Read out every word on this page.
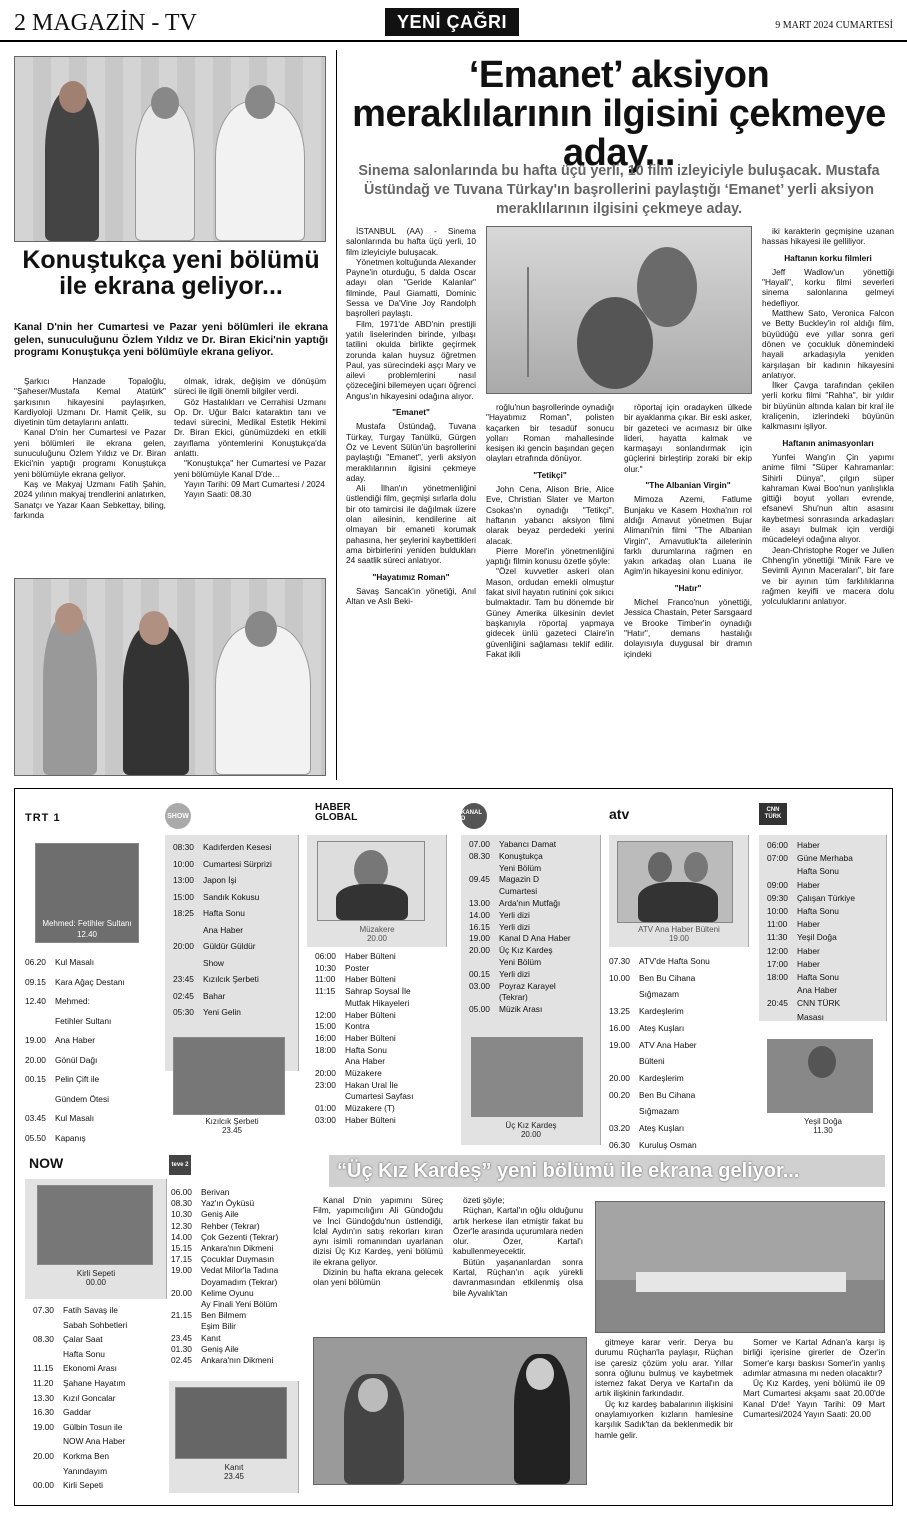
2 MAGAZİN - TV	YENİ ÇAĞRI	9 MART 2024 CUMARTESİ
Konuştukça yeni bölümü ile ekrana geliyor...
Kanal D'nin her Cumartesi ve Pazar yeni bölümleri ile ekrana gelen, sunuculuğunu Özlem Yıldız ve Dr. Biran Ekici'nin yaptığı programı Konuştukça yeni bölümüyle ekrana geliyor.

Şarkıcı Hanzade Topaloğlu, "Şaheser/Mustafa Kemal Atatürk" şarkısının hikayesini paylaşırken, Kardiyoloji Uzmanı Dr. Hamit Çelik, su diyetinin tüm detaylarını anlattı.

Kanal D'nin her Cumartesi ve Pazar yeni bölümleri ile ekrana gelen, sunuculuğunu Özlem Yıldız ve Dr. Biran Ekici'nin yaptığı programı Konuştukça yeni bölümüyle ekrana geliyor.

Kaş ve Makyaj Uzmanı Fatih Şahin, 2024 yılının makyaj trendlerini anlatırken, Sanatçı ve Yazar Kaan Sebkettay, biling, farkında

olmak, idrak, değişim ve dönüşüm süreci ile ilgili önemli bilgiler verdi.

Göz Hastalıkları ve Cerrahisi Uzmanı Op. Dr. Uğur Balcı kataraktın tanı ve tedavi sürecini, Medikal Estetik Hekimi Dr. Biran Ekici, günümüzdeki en etkili zayıflama yöntemlerini Konuştukça'da anlattı.

"Konuştukça" her Cumartesi ve Pazar yeni bölümüyle Kanal D'de…

Yayın Tarihi: 09 Mart Cumartesi / 2024

Yayın Saati: 08.30

‘Emanet’ aksiyon meraklılarının ilgisini çekmeye aday...
Sinema salonlarında bu hafta üçü yerli, 10 film izleyiciyle buluşacak. Mustafa Üstündağ ve Tuvana Türkay'ın başrollerini paylaştığı ‘Emanet’ yerli aksiyon meraklılarının ilgisini çekmeye aday.

İSTANBUL (AA) - Sinema salonlarında bu hafta üçü yerli, 10 film izleyiciyle buluşacak.

Yönetmen koltuğunda Alexander Payne'in oturduğu, 5 dalda Oscar adayı olan "Geride Kalanlar" filminde, Paul Giamatti, Dominic Sessa ve Da'Vine Joy Randolph başrolleri paylaştı.

Film, 1971'de ABD'nin prestijli yatılı liselerinden birinde, yılbaşı tatilini okulda birlikte geçirmek zorunda kalan huysuz öğretmen Paul, yas sürecindeki aşçı Mary ve ailevi problemlerini nasıl çözeceğini bilemeyen uçarı öğrenci Angus'ın hikayesini odağına alıyor.

"Emanet"

Mustafa Üstündağ, Tuvana Türkay, Turgay Tanülkü, Gürgen Öz ve Levent Sülün'ün başrollerini paylaştığı "Emanet", yerli aksiyon meraklılarının ilgisini çekmeye aday.

Ali İlhan'ın yönetmenliğini üstlendiği film, geçmişi sırlarla dolu bir oto tamircisi ile dağılmak üzere olan ailesinin, kendilerine ait olmayan bir emaneti korumak pahasına, her şeylerini kaybettikleri ama birbirlerini yeniden buldukları 24 saatlik süreci anlatıyor.

"Hayatımız Roman"

Savaş Sancak'ın yönetiği, Anıl Altan ve Aslı Beki-

roğlu'nun başrollerinde oynadığı "Hayatımız Roman", polisten kaçarken bir tesadüf sonucu yolları Roman mahallesinde kesişen iki gencin başından geçen olayları etrafında dönüyor.

"Tetikçi"

John Cena, Alison Brie, Alice Eve, Christian Slater ve Marton Csokas'ın oynadığı "Tetikçi", haftanın yabancı aksiyon filmi olarak beyaz perdedeki yerini alacak.

Pierre Morel'in yönetmenliğini yaptığı filmin konusu özetle şöyle:

"Özel kuvvetler askeri olan Mason, ordudan emekli olmuştur fakat sivil hayatın rutinini çok sıkıcı bulmaktadır. Tam bu dönemde bir Güney Amerika ülkesinin devlet başkanıyla röportaj yapmaya gidecek ünlü gazeteci Claire'in güvenliğini sağlaması teklif edilir. Fakat ikili

röportaj için oradayken ülkede bir ayaklanma çıkar. Bir eski asker, bir gazeteci ve acımasız bir ülke lideri, hayatta kalmak ve karmaşayı sonlandırmak için güçlerini birleştirip zoraki bir ekip olur."

"The Albanian Virgin"

Mimoza Azemi, Fatlume Bunjaku ve Kasem Hoxha'nın rol aldığı Arnavut yönetmen Bujar Alimani'nin filmi "The Albanian Virgin", Arnavutluk'ta ailelerinin farklı durumlarına rağmen en yakın arkadaş olan Luana ile Agim'in hikayesini konu ediniyor.

"Hatır"

Michel Franco'nun yönettiği, Jessica Chastain, Peter Sarsgaard ve Brooke Timber'in oynadığı "Hatır", demans hastalığı dolayısıyla duygusal bir dramın içindeki

iki karakterin geçmişine uzanan hassas hikayesi ile gelliliyor.

Haftanın korku filmleri

Jeff Wadlow'un yönettiği "Hayali", korku filmi severleri sinema salonlarına gelmeyi hedefliyor.

Matthew Sato, Veronica Falcon ve Betty Buckley'in rol aldığı film, büyüdüğü eve yıllar sonra geri dönen ve çocukluk dönemindeki hayali arkadaşıyla yeniden karşılaşan bir kadının hikayesini anlatıyor.

İlker Çavga tarafından çekilen yerli korku filmi "Rahha", bir yıldır bir büyünün altında kalan bir kral ile kraliçenin, izlerindeki büyünün kalkmasını işliyor.

Haftanın animasyonları

Yunfei Wang'ın Çin yapımı anime filmi "Süper Kahramanlar: Sihirli Dünya", çılgın süper kahraman Kwai Boo'nun yanlışlıkla gittiği boyut yolları evrende, efsanevi Shu'nun altın asasını kaybetmesi sonrasında arkadaşları ile asayı bulmak için verdiği mücadeleyi odağına alıyor.

Jean-Christophe Roger ve Julien Chheng'in yönettiği "Minik Fare ve Sevimli Ayının Maceraları", bir fare ve bir ayının tüm farklılıklarına rağmen keyifli ve macera dolu yolculuklarını anlatıyor.

TRT 1
Mehmed: Fetihler Sultanı
12.40
06.20	Kul Masalı
09.15	Kara Ağaç Destanı
12.40	Mehmed:
Fetihler Sultanı
19.00	Ana Haber
20.00	Gönül Dağı
00.15	Pelin Çift ile
Gündem Ötesi
03.45	Kul Masalı
05.50	Kapanış
SHOW
08:30	Kadıferden Kesesi
10:00	Cumartesi Sürprizi
13:00	Japon İşi
15:00	Sandık Kokusu
18:25	Hafta Sonu
Ana Haber
20:00	Güldür Güldür
Show
23:45	Kızılcık Şerbeti
02:45	Bahar
05:30	Yeni Gelin
Kızılcık Şerbeti
23.45
HABER
GLOBAL
Müzakere
20.00
06:00	Haber Bülteni
10:30	Poster
11:00	Haber Bülteni
11:15	Sahrap Soysal İle
Mutfak Hikayeleri
12:00	Haber Bülteni
15:00	Kontra
16:00	Haber Bülteni
18:00	Hafta Sonu
Ana Haber
20:00	Müzakere
23:00	Hakan Ural İle
Cumartesi Sayfası
01:00	Müzakere (T)
03:00	Haber Bülteni
KANAL D
07.00	Yabancı Damat
08.30	Konuştukça
Yeni Bölüm
09.45	Magazin D
Cumartesi
13.00	Arda'nın Mutfağı
14.00	Yerli dizi
16.15	Yerli dizi
19.00	Kanal D Ana Haber
20.00	Üç Kız Kardeş
Yeni Bölüm
00.15	Yerli dizi
03.00	Poyraz Karayel
(Tekrar)
05.00	Müzik Arası
Üç Kız Kardeş
20.00
atv
ATV Ana Haber Bülteni
19.00
07.30	ATV'de Hafta Sonu
10.00	Ben Bu Cihana
Sığmazam
13.25	Kardeşlerim
16.00	Ateş Kuşları
19.00	ATV Ana Haber
Bülteni
20.00	Kardeşlerim
00.20	Ben Bu Cihana
Sığmazam
03.20	Ateş Kuşları
06.30	Kuruluş Osman
CNN TÜRK
06:00	Haber
07:00	Güne Merhaba
Hafta Sonu
09:00	Haber
09:30	Çalışan Türkiye
10:00	Hafta Sonu
11:00	Haber
11:30	Yeşil Doğa
12:00	Haber
17:00	Haber
18:00	Hafta Sonu
Ana Haber
20:45	CNN TÜRK
Masası
Yeşil Doğa
11.30
NOW
Kirli Sepeti
00.00
07.30	Fatih Savaş ile
Sabah Sohbetleri
08.30	Çalar Saat
Hafta Sonu
11.15	Ekonomi Arası
11.20	Şahane Hayatım
13.30	Kızıl Goncalar
16.30	Gaddar
19.00	Gülbin Tosun ile
NOW Ana Haber
20.00	Korkma Ben
Yanındayım
00.00	Kirli Sepeti
teve 2
06.00	Berivan
08.30	Yaz'ın Öyküsü
10.30	Geniş Aile
12.30	Rehber (Tekrar)
14.00	Çok Gezenti (Tekrar)
15.15	Ankara'nın Dikmeni
17.15	Çocuklar Duymasın
19.00	Vedat Milor'la Tadına
Doyamadım (Tekrar)
20.00	Kelime Oyunu
Ay Finali Yeni Bölüm
21.15	Ben Bilmem
Eşim Bilir
23.45	Kanıt
01.30	Geniş Aile
02.45	Ankara'nın Dikmeni
Kanıt
23.45
“Üç Kız Kardeş” yeni bölümü ile ekrana geliyor...

Kanal D'nin yapımını Süreç Film, yapımcılığını Ali Gündoğdu ve İnci Gündoğdu'nun üstlendiği, İclal Aydın'ın satış rekorları kıran aynı isimli romanından uyarlanan dizisi Üç Kız Kardeş, yeni bölümü ile ekrana geliyor.

Dizinin bu hafta ekrana gelecek olan yeni bölümün

özeti şöyle;

Rüçhan, Kartal'ın oğlu olduğunu artık herkese ilan etmiştir fakat bu Özer'le arasında uçurumlara neden olur. Özer, Kartal'ı kabullenmeyecektir.

Bütün yaşananlardan sonra Kartal, Rüçhan'ın açık yürekli davranmasından etkilenmiş olsa bile Ayvalık'tan

gitmeye karar verir. Derya bu durumu Rüçhan'la paylaşır, Rüçhan ise çaresiz çözüm yolu arar. Yıllar sonra oğlunu bulmuş ve kaybetmek istemez fakat Derya ve Kartal'ın da artık ilişkinin farkındadır.

Üç kız kardeş babalarının ilişkisini onaylamıyorken kızların hamlesine karşılık Sadık'tan da beklenmedik bir hamle gelir.

Somer ve Kartal Adnan'a karşı iş birliği içerisine girerler de Özer'in Somer'e karşı baskısı Somer'in yanlış adımlar atmasına mı neden olacaktır?

Üç Kız Kardeş, yeni bölümü ile 09 Mart Cumartesi akşamı saat 20.00'de Kanal D'de! Yayın Tarihi: 09 Mart Cumartesi/2024 Yayın Saati: 20.00
